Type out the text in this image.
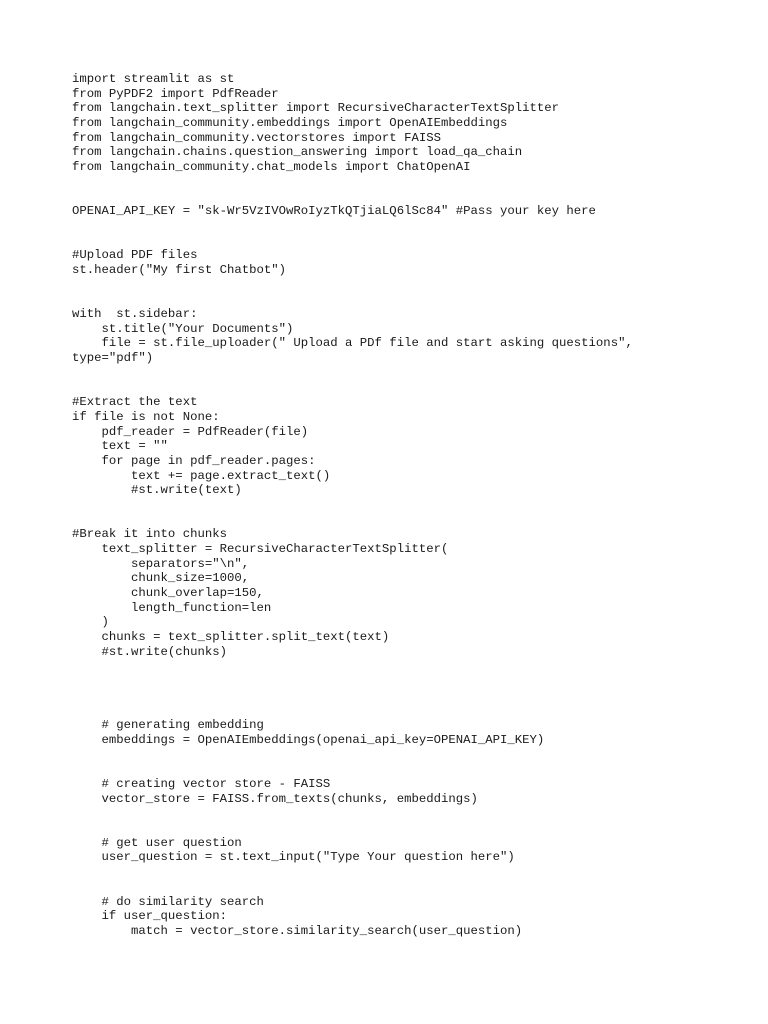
import streamlit as st
from PyPDF2 import PdfReader
from langchain.text_splitter import RecursiveCharacterTextSplitter
from langchain_community.embeddings import OpenAIEmbeddings
from langchain_community.vectorstores import FAISS
from langchain.chains.question_answering import load_qa_chain
from langchain_community.chat_models import ChatOpenAI
OPENAI_API_KEY = "sk-Wr5VzIVOwRoIyzTkQTjiaLQ6lSc84" #Pass your key here
#Upload PDF files
st.header("My first Chatbot")
with  st.sidebar:
st.title("Your Documents")
file = st.file_uploader(" Upload a PDf file and start asking questions",
type="pdf")
#Extract the text
if file is not None:
pdf_reader = PdfReader(file)
text = ""
for page in pdf_reader.pages:
text += page.extract_text()
#st.write(text)
#Break it into chunks
text_splitter = RecursiveCharacterTextSplitter(
separators="\n",
chunk_size=1000,
chunk_overlap=150,
length_function=len
)
chunks = text_splitter.split_text(text)
#st.write(chunks)
# generating embedding
embeddings = OpenAIEmbeddings(openai_api_key=OPENAI_API_KEY)
# creating vector store - FAISS
vector_store = FAISS.from_texts(chunks, embeddings)
# get user question
user_question = st.text_input("Type Your question here")
# do similarity search
if user_question:
match = vector_store.similarity_search(user_question)
